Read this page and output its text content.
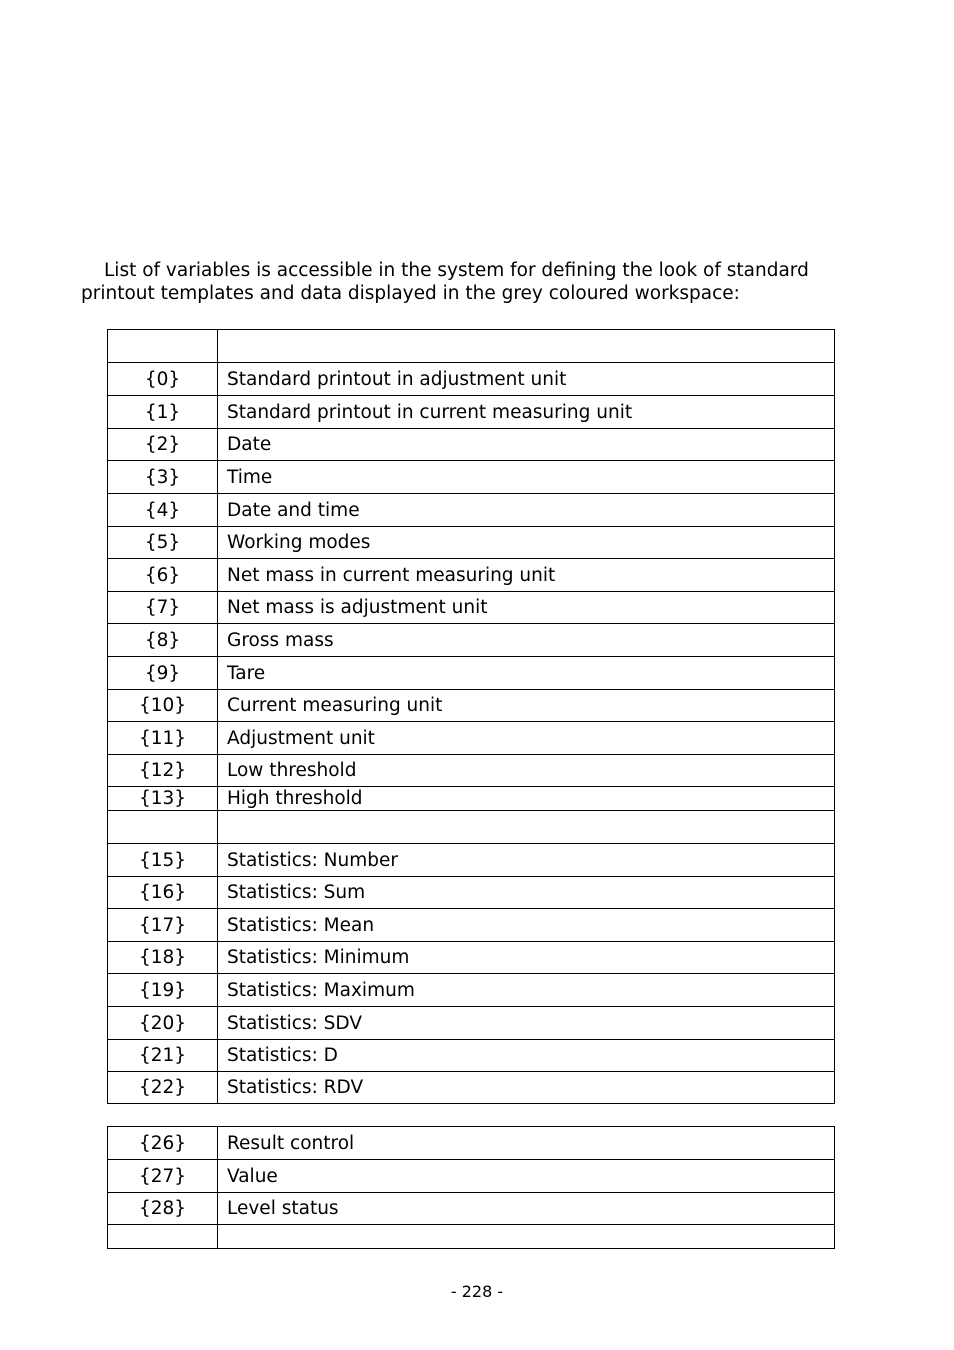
List of variables is accessible in the system for defining the look of standard
printout templates and data displayed in the grey coloured workspace:

{0}	Standard printout in adjustment unit
{1}	Standard printout in current measuring unit
{2}	Date
{3}	Time
{4}	Date and time
{5}	Working modes
{6}	Net mass in current measuring unit
{7}	Net mass is adjustment unit
{8}	Gross mass
{9}	Tare
{10}	Current measuring unit
{11}	Adjustment unit
{12}	Low threshold
{13}	High threshold

{15}	Statistics: Number
{16}	Statistics: Sum
{17}	Statistics: Mean
{18}	Statistics: Minimum
{19}	Statistics: Maximum
{20}	Statistics: SDV
{21}	Statistics: D
{22}	Statistics: RDV
{26}	Result control
{27}	Value
{28}	Level status

- 228 -
